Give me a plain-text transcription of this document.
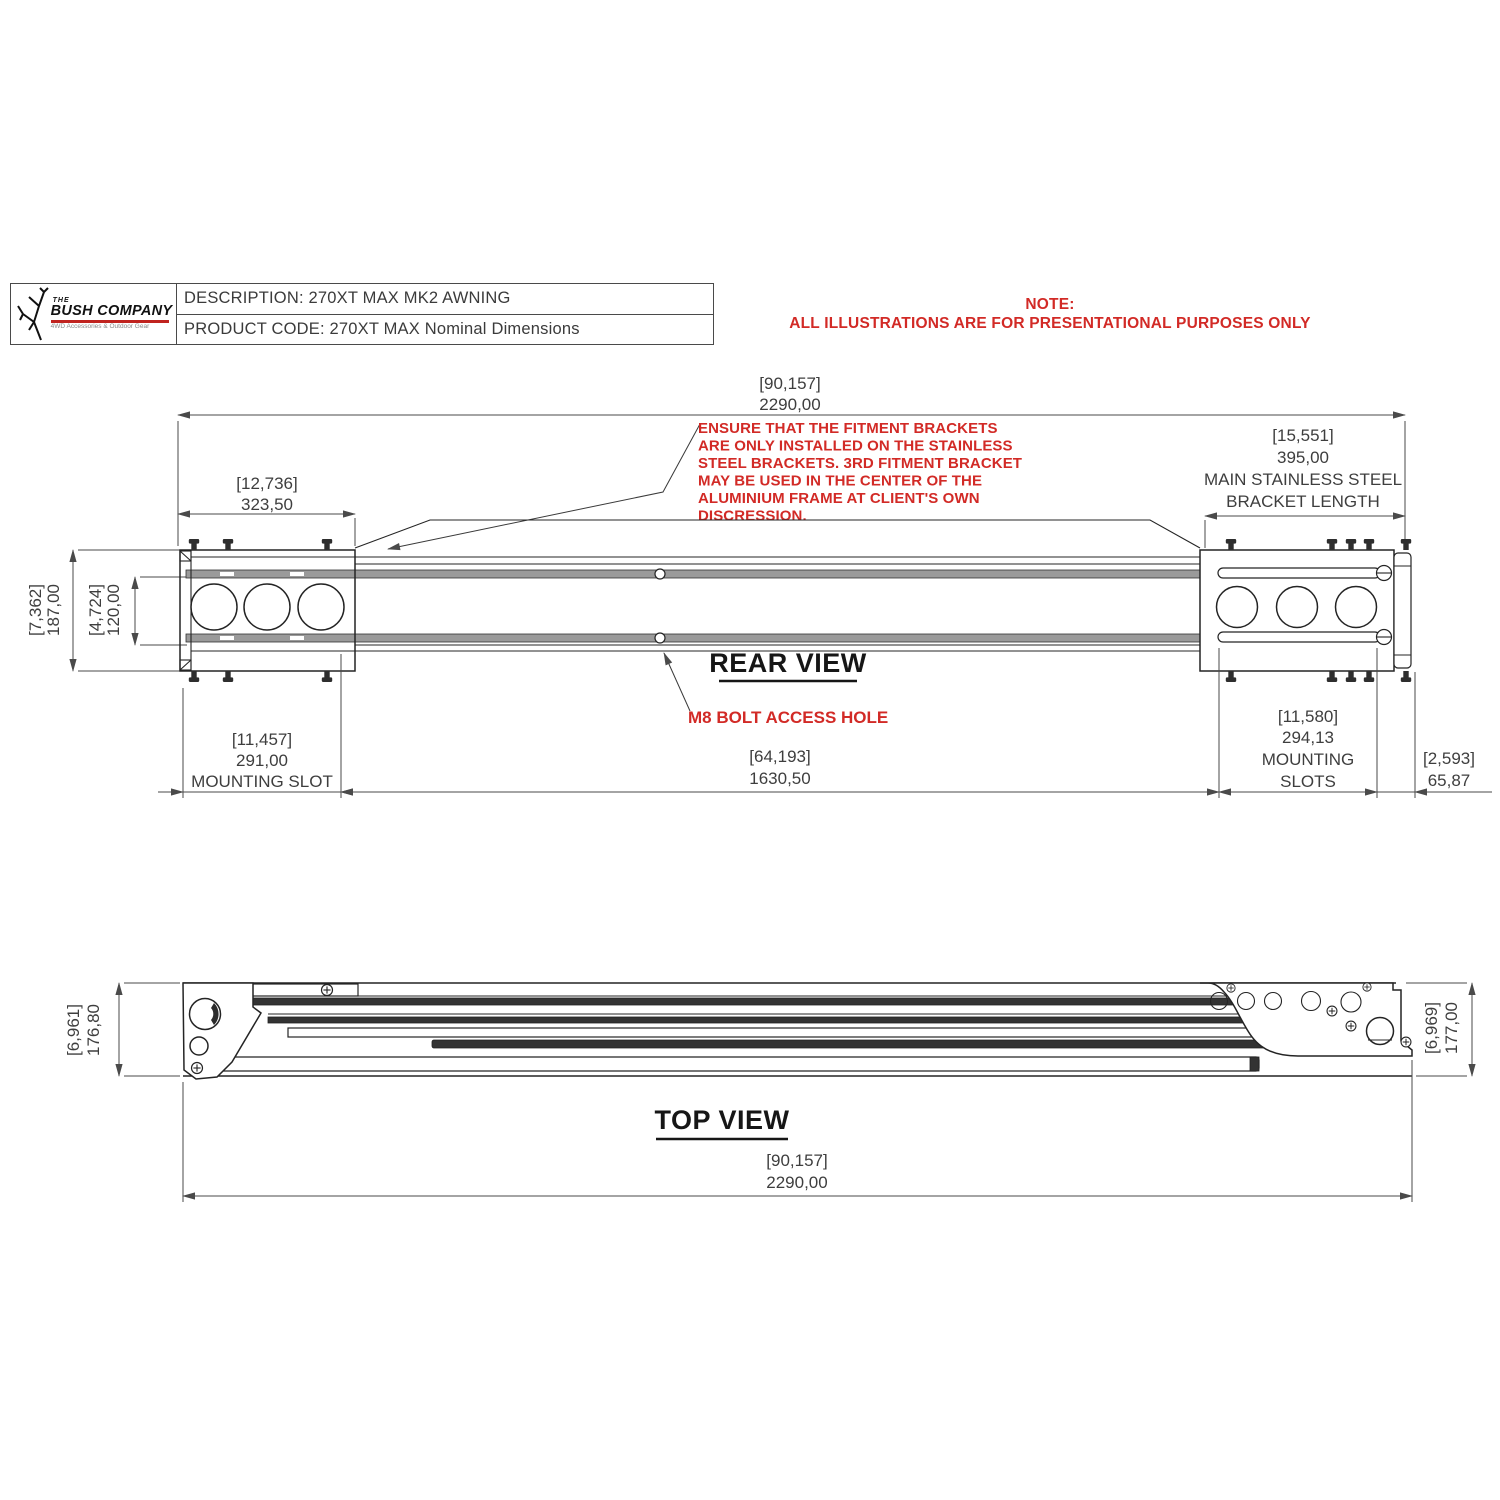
THE
BUSH COMPANY
4WD Accessories & Outdoor Gear
DESCRIPTION: 270XT MAX MK2 AWNING
PRODUCT CODE: 270XT MAX Nominal Dimensions
NOTE:
ALL ILLUSTRATIONS ARE FOR PRESENTATIONAL PURPOSES ONLY
[90,157]
2290,00
ENSURE THAT THE FITMENT BRACKETS
ARE ONLY INSTALLED ON THE STAINLESS
STEEL BRACKETS. 3RD FITMENT BRACKET
MAY BE USED IN THE CENTER OF THE
ALUMINIUM FRAME AT CLIENT'S OWN
DISCRESSION.
[12,736]
323,50
[15,551]
395,00
MAIN STAINLESS STEEL
BRACKET LENGTH
[7,362] 187,00 [4,724] 120,00
REAR VIEW
M8 BOLT ACCESS HOLE
[11,457]
291,00
MOUNTING SLOT
[64,193]
1630,50
[11,580]
294,13
MOUNTING
SLOTS
[2,593]
65,87
[6,961] 176,80	[6,969] 177,00
TOP VIEW
[90,157]
2290,00
